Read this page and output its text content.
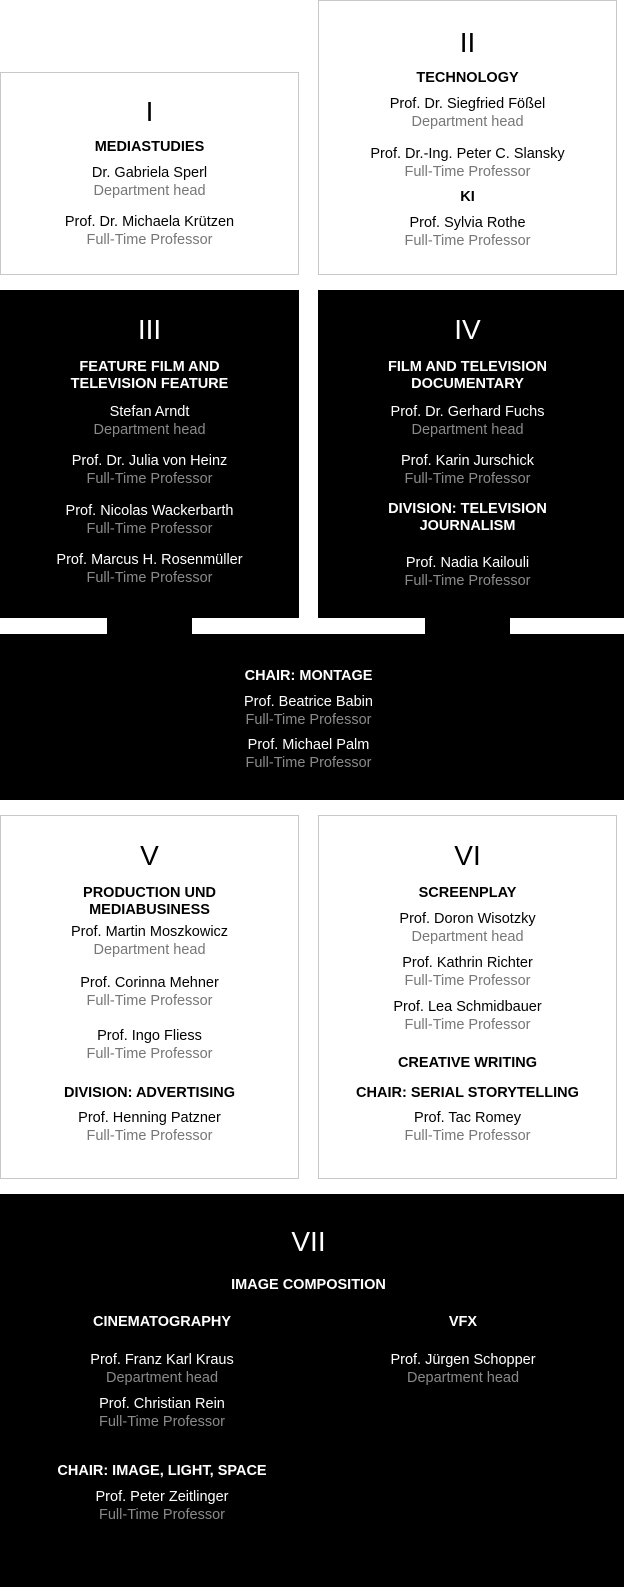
I
MEDIASTUDIES
Dr. Gabriela Sperl
Department head
Prof. Dr. Michaela Krützen
Full-Time Professor
II
TECHNOLOGY
Prof. Dr. Siegfried Fößel
Department head
Prof. Dr.-Ing. Peter C. Slansky
Full-Time Professor
KI
Prof. Sylvia Rothe
Full-Time Professor
III
FEATURE FILM AND
TELEVISION FEATURE
Stefan Arndt
Department head
Prof. Dr. Julia von Heinz
Full-Time Professor
Prof. Nicolas Wackerbarth
Full-Time Professor
Prof. Marcus H. Rosenmüller
Full-Time Professor
IV
FILM AND TELEVISION
DOCUMENTARY
Prof. Dr. Gerhard Fuchs
Department head
Prof. Karin Jurschick
Full-Time Professor
DIVISION: TELEVISION
JOURNALISM
Prof. Nadia Kailouli
Full-Time Professor
CHAIR: MONTAGE
Prof. Beatrice Babin
Full-Time Professor
Prof. Michael Palm
Full-Time Professor
V
PRODUCTION UND
MEDIABUSINESS
Prof. Martin Moszkowicz
Department head
Prof. Corinna Mehner
Full-Time Professor
Prof. Ingo Fliess
Full-Time Professor
DIVISION: ADVERTISING
Prof. Henning Patzner
Full-Time Professor
VI
SCREENPLAY
Prof. Doron Wisotzky
Department head
Prof. Kathrin Richter
Full-Time Professor
Prof. Lea Schmidbauer
Full-Time Professor
CREATIVE WRITING
CHAIR: SERIAL STORYTELLING
Prof. Tac Romey
Full-Time Professor
VII
IMAGE COMPOSITION
CINEMATOGRAPHY
Prof. Franz Karl Kraus
Department head
Prof. Christian Rein
Full-Time Professor
CHAIR: IMAGE, LIGHT, SPACE
Prof. Peter Zeitlinger
Full-Time Professor
VFX
Prof. Jürgen Schopper
Department head
